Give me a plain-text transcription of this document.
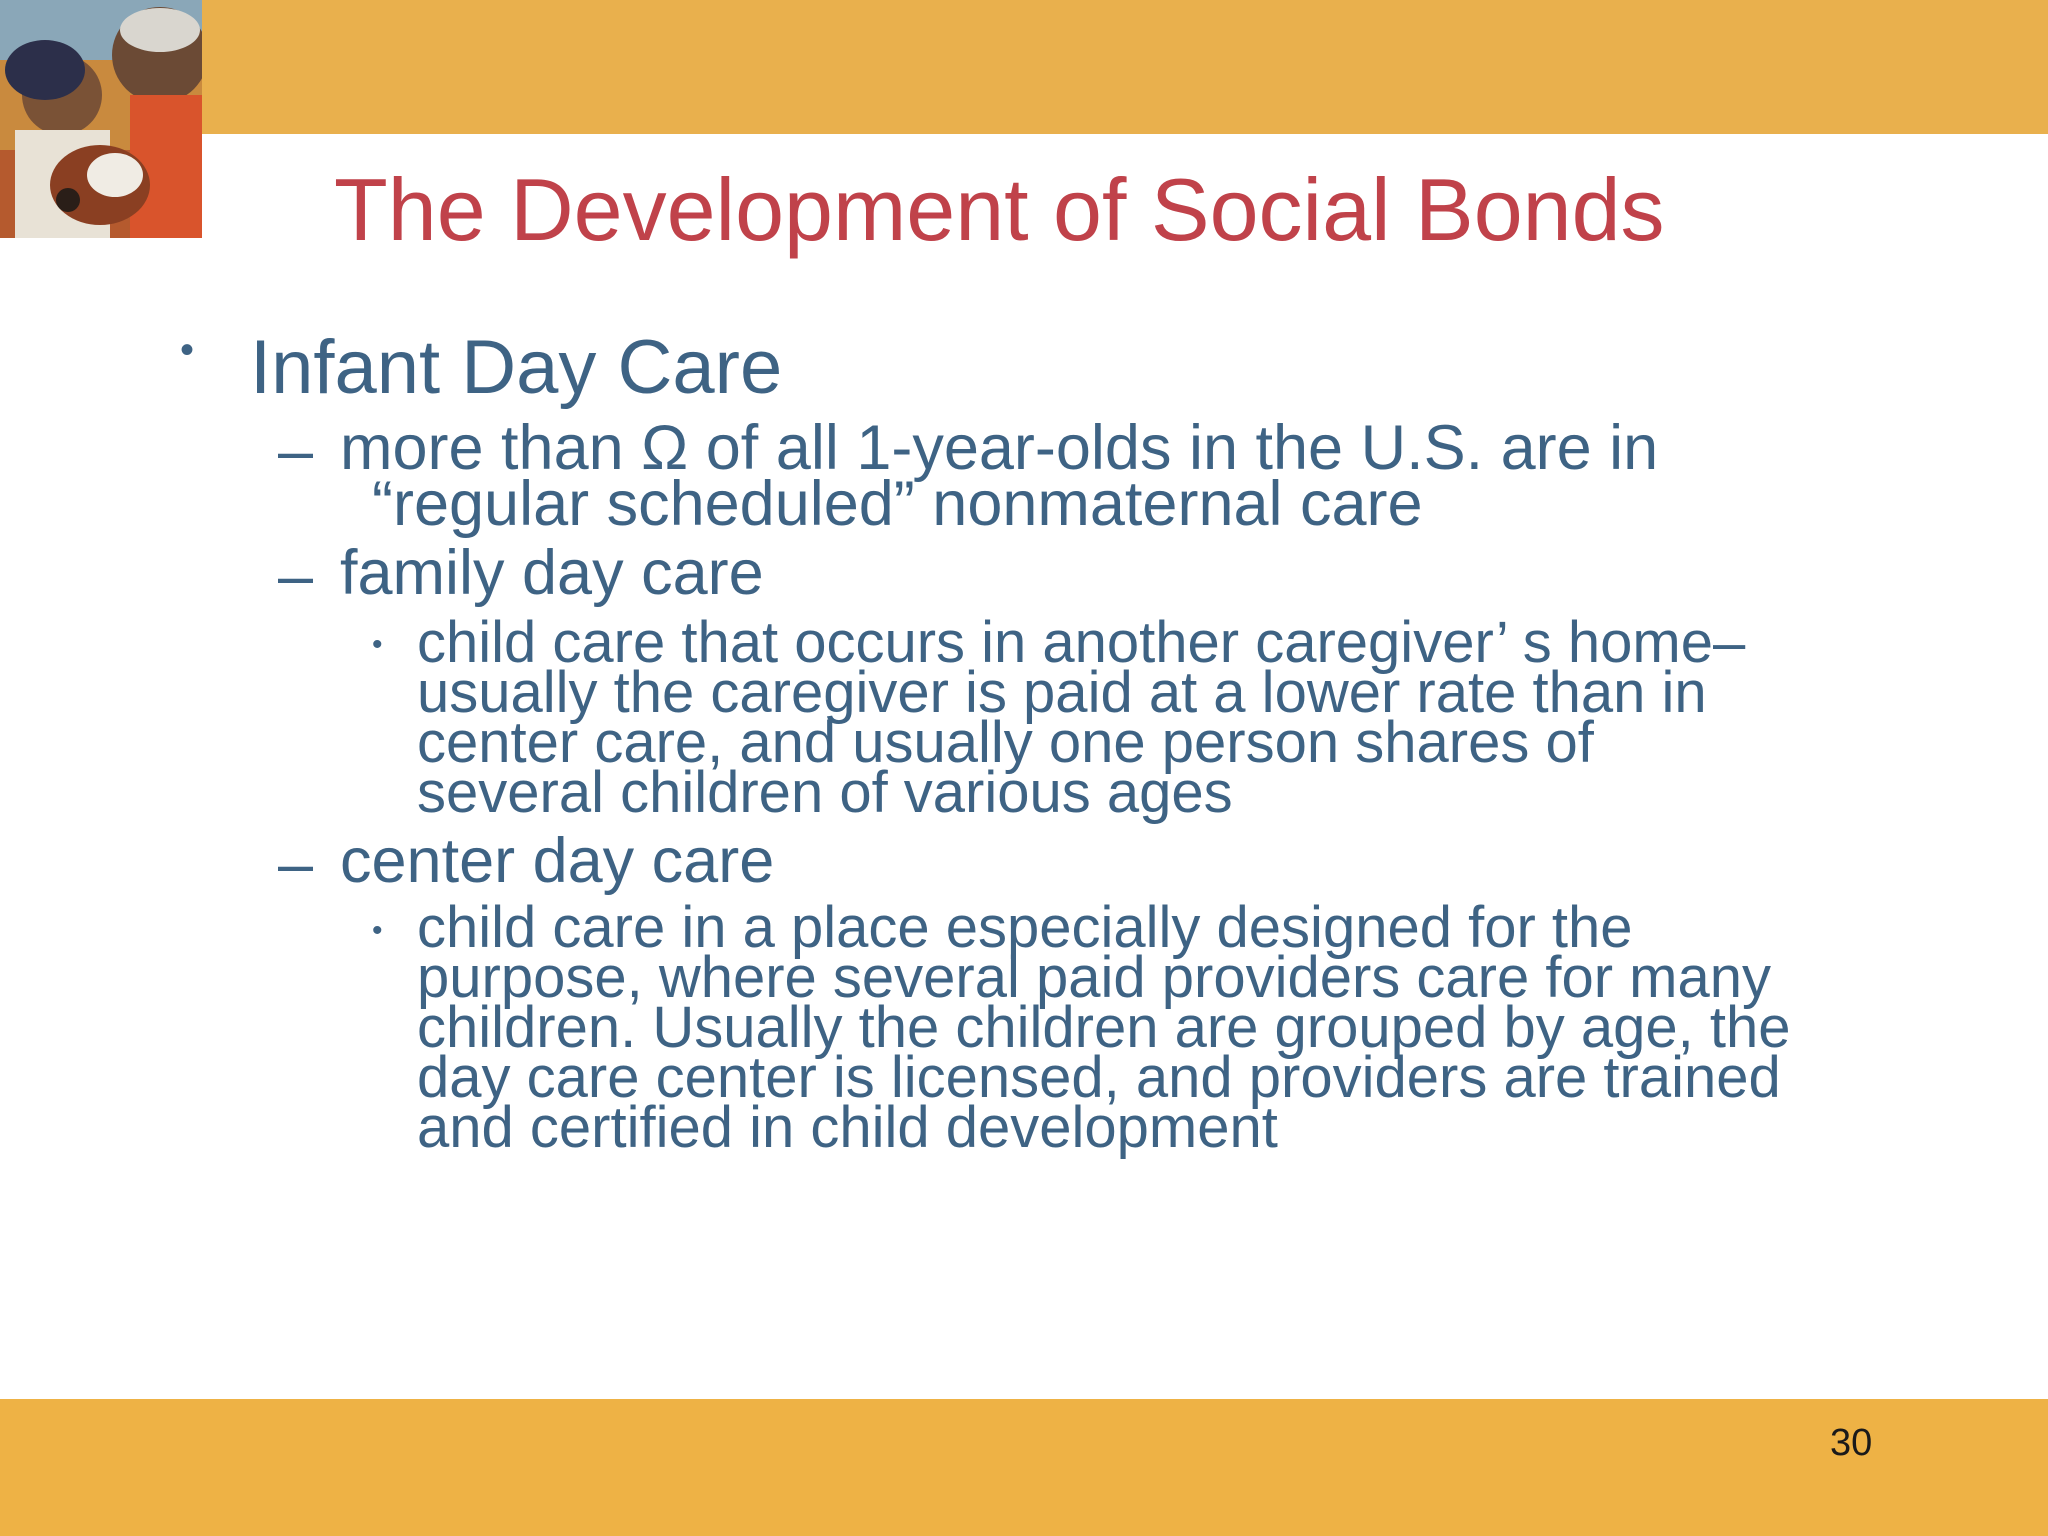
The Development of Social Bonds
• Infant Day Care
– more than Ω of all 1-year-olds in the U.S. are in
“regular scheduled” nonmaternal care
– family day care
• child care that occurs in another caregiver’ s home–
usually the caregiver is paid at a lower rate than in
center care, and usually one person shares of
several children of various ages
– center day care
• child care in a place especially designed for the
purpose, where several paid providers care for many
children. Usually the children are grouped by age, the
day care center is licensed, and providers are trained
and certified in child development
30
